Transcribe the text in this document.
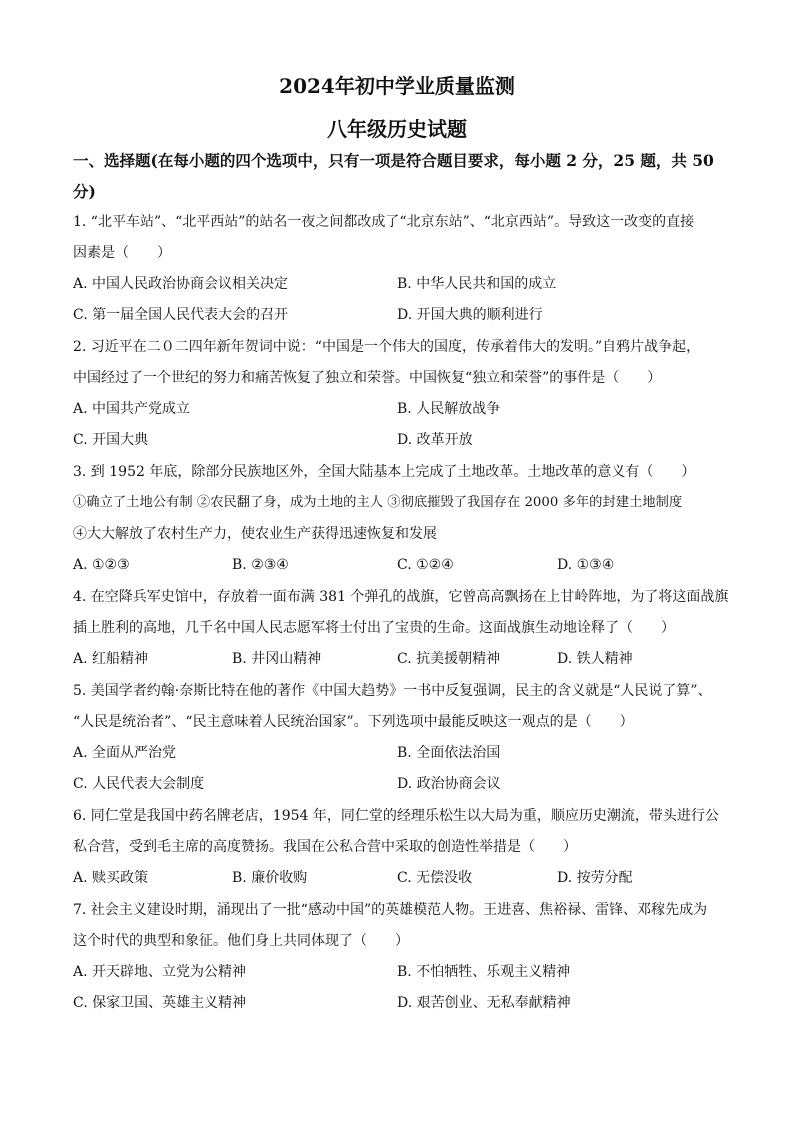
2024年初中学业质量监测
八年级历史试题
一、选择题(在每小题的四个选项中，只有一项是符合题目要求，每小题 2 分，25 题，共 50 分)
1. “北平车站”、“北平西站”的站名一夜之间都改成了“北京东站”、“北京西站”。导致这一改变的直接
因素是（　　）
A. 中国人民政治协商会议相关决定	B. 中华人民共和国的成立
C. 第一届全国人民代表大会的召开	D. 开国大典的顺利进行
2. 习近平在二０二四年新年贺词中说：“中国是一个伟大的国度，传承着伟大的发明。”自鸦片战争起，
中国经过了一个世纪的努力和痛苦恢复了独立和荣誉。中国恢复“独立和荣誉”的事件是（　　）
A. 中国共产党成立	B. 人民解放战争
C. 开国大典	D. 改革开放
3. 到 1952 年底，除部分民族地区外，全国大陆基本上完成了土地改革。土地改革的意义有（　　）
①确立了土地公有制 ②农民翻了身，成为土地的主人 ③彻底摧毁了我国存在 2000 多年的封建土地制度
④大大解放了农村生产力，使农业生产获得迅速恢复和发展
A. ①②③	B. ②③④	C. ①②④	D. ①③④
4. 在空降兵军史馆中，存放着一面布满 381 个弹孔的战旗，它曾高高飘扬在上甘岭阵地，为了将这面战旗
插上胜利的高地，几千名中国人民志愿军将士付出了宝贵的生命。这面战旗生动地诠释了（　　）
A. 红船精神	B. 井冈山精神	C. 抗美援朝精神	D. 铁人精神
5. 美国学者约翰·奈斯比特在他的著作《中国大趋势》一书中反复强调，民主的含义就是“人民说了算”、
“人民是统治者”、“民主意味着人民统治国家”。下列选项中最能反映这一观点的是（　　）
A. 全面从严治党	B. 全面依法治国
C. 人民代表大会制度	D. 政治协商会议
6. 同仁堂是我国中药名牌老店，1954 年，同仁堂的经理乐松生以大局为重，顺应历史潮流，带头进行公
私合营，受到毛主席的高度赞扬。我国在公私合营中采取的创造性举措是（　　）
A. 赎买政策	B. 廉价收购	C. 无偿没收	D. 按劳分配
7. 社会主义建设时期，涌现出了一批“感动中国”的英雄模范人物。王进喜、焦裕禄、雷锋、邓稼先成为
这个时代的典型和象征。他们身上共同体现了（　　）
A. 开天辟地、立党为公精神	B. 不怕牺牲、乐观主义精神
C. 保家卫国、英雄主义精神	D. 艰苦创业、无私奉献精神
